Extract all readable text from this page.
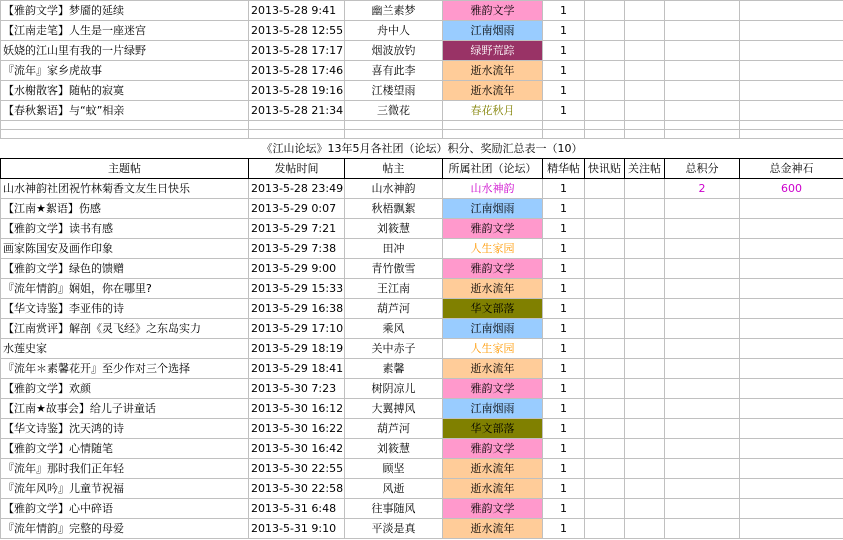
【雅韵文学】梦靥的延续	2013-5-28 9:41	幽兰素梦	雅韵文学	1				
【江南走笔】人生是一座迷宫	2013-5-28 12:55	舟中人	江南烟雨	1				
妖娆的江山里有我的一片绿野	2013-5-28 17:17	烟波放钓	绿野荒踪	1				
『流年』家乡虎故事	2013-5-28 17:46	喜有此李	逝水流年	1				
【水榭散客】随帖的寂寞	2013-5-28 19:16	江楼望雨	逝水流年	1				
【春秋絮语】与“蚊”相亲	2013-5-28 21:34	三微花	春花秋月	1				

《江山论坛》13年5月各社团（论坛）积分、奖励汇总表一（10）								
主题帖	发帖时间	帖主	所属社团（论坛）	精华帖	快讯贴	关注帖	总积分	总金神石
山水神韵社团祝竹林菊香文友生日快乐	2013-5-28 23:49	山水神韵	山水神韵	1			2	600
【江南★絮语】伤感	2013-5-29 0:07	秋梧飘絮	江南烟雨	1				
【雅韵文学】读书有感	2013-5-29 7:21	刘筱慧	雅韵文学	1				
画家陈国安及画作印象	2013-5-29 7:38	田冲	人生家园	1				
【雅韵文学】绿色的馈赠	2013-5-29 9:00	青竹傲雪	雅韵文学	1				
『流年情韵』娴姐，你在哪里?	2013-5-29 15:33	王江南	逝水流年	1				
【华文诗鉴】李亚伟的诗	2013-5-29 16:38	葫芦河	华文部落	1				
【江南赏评】解剖《灵飞经》之东岛实力	2013-5-29 17:10	乘风	江南烟雨	1				
水莲史家	2013-5-29 18:19	关中赤子	人生家园	1				
『流年＊素馨花开』至少作对三个选择	2013-5-29 18:41	素馨	逝水流年	1				
【雅韵文学】欢颜	2013-5-30 7:23	树阴凉儿	雅韵文学	1				
【江南★故事会】给儿子讲童话	2013-5-30 16:12	大翼搏风	江南烟雨	1				
【华文诗鉴】沈天鸿的诗	2013-5-30 16:22	葫芦河	华文部落	1				
【雅韵文学】心情随笔	2013-5-30 16:42	刘筱慧	雅韵文学	1				
『流年』那时我们正年轻	2013-5-30 22:55	顾坚	逝水流年	1				
『流年风吟』儿童节祝福	2013-5-30 22:58	风逝	逝水流年	1				
【雅韵文学】心中碎语	2013-5-31 6:48	往事随风	雅韵文学	1				
『流年情韵』完整的母爱	2013-5-31 9:10	平淡是真	逝水流年	1				
